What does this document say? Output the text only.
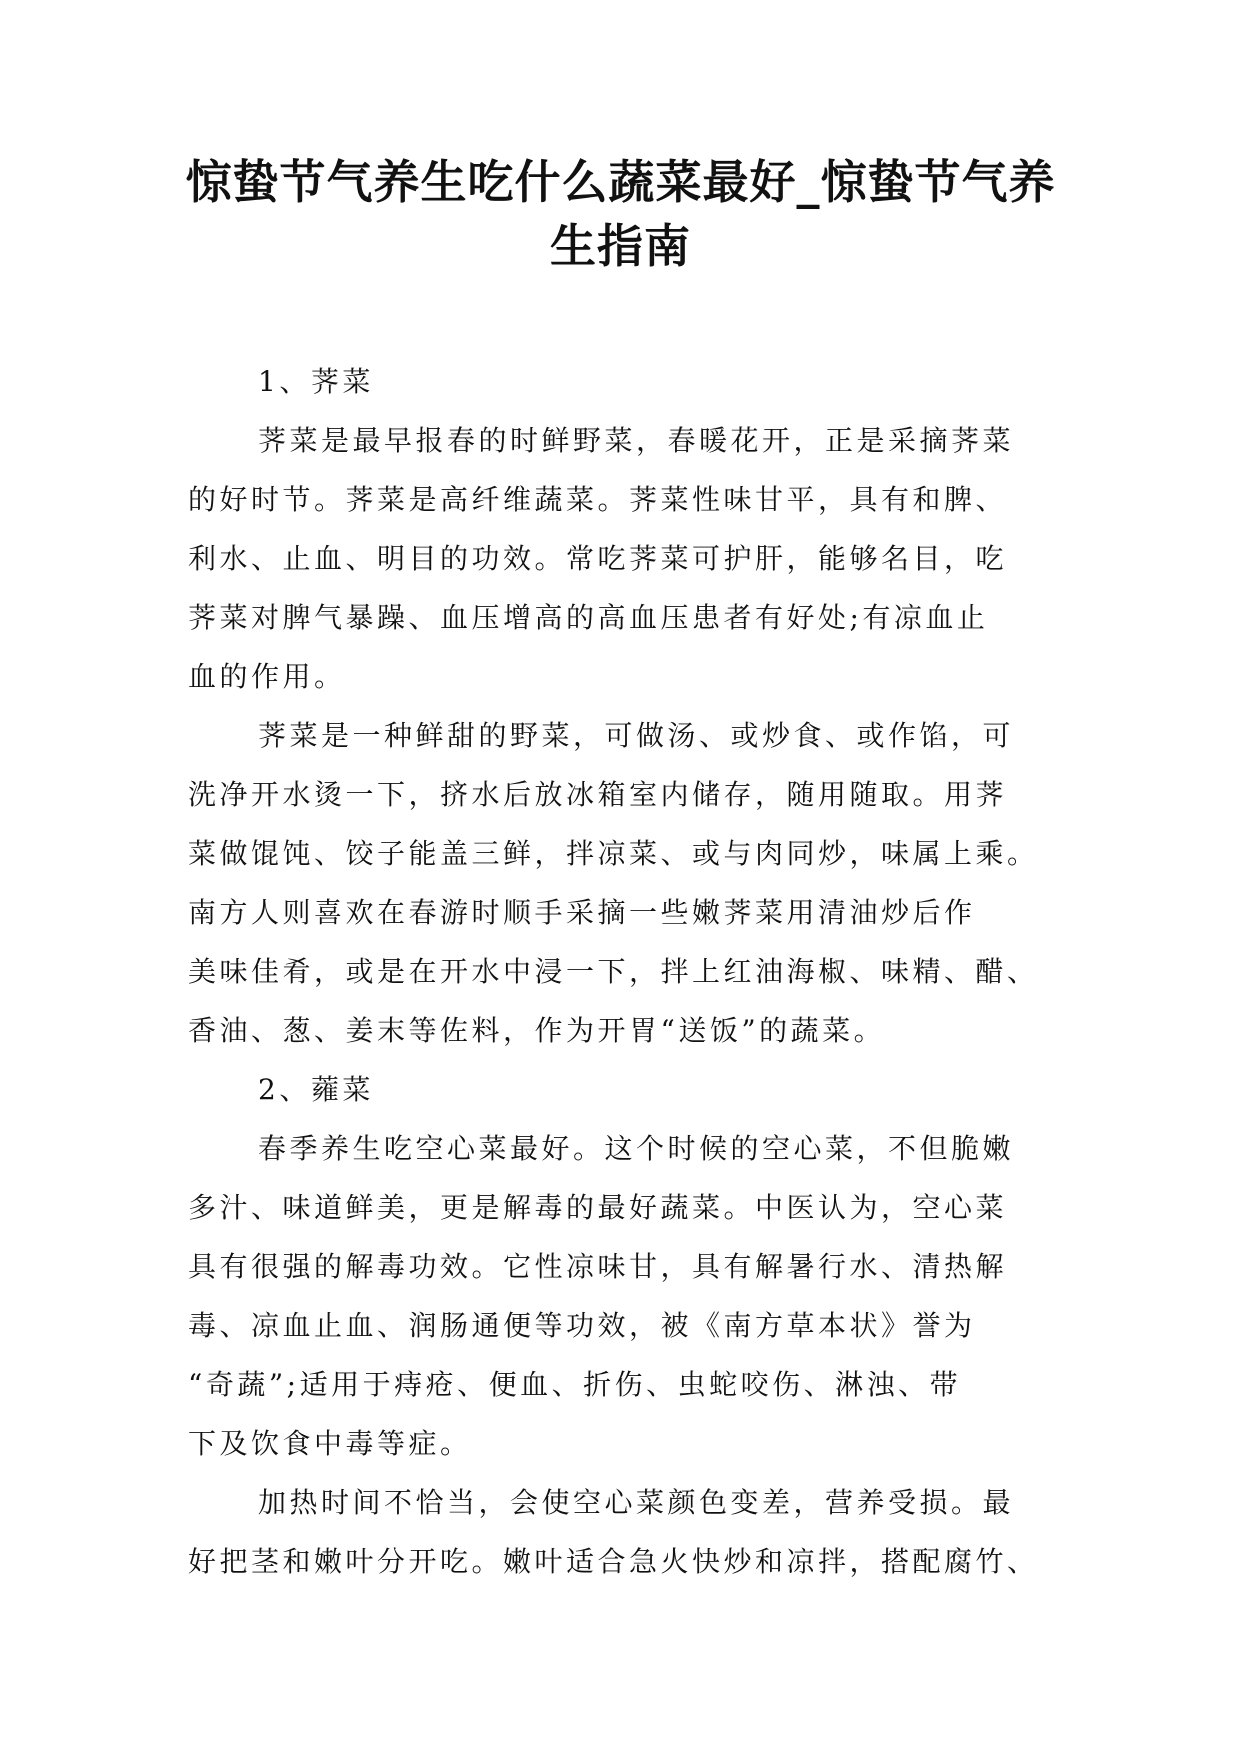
惊蛰节气养生吃什么蔬菜最好_惊蛰节气养
生指南
1、荠菜
荠菜是最早报春的时鲜野菜，春暖花开，正是采摘荠菜
的好时节。荠菜是高纤维蔬菜。荠菜性味甘平，具有和脾、
利水、止血、明目的功效。常吃荠菜可护肝，能够名目，吃
荠菜对脾气暴躁、血压增高的高血压患者有好处;有凉血止
血的作用。
荠菜是一种鲜甜的野菜，可做汤、或炒食、或作馅，可
洗净开水烫一下，挤水后放冰箱室内储存，随用随取。用荠
菜做馄饨、饺子能盖三鲜，拌凉菜、或与肉同炒，味属上乘。
南方人则喜欢在春游时顺手采摘一些嫩荠菜用清油炒后作
美味佳肴，或是在开水中浸一下，拌上红油海椒、味精、醋、
香油、葱、姜末等佐料，作为开胃“送饭”的蔬菜。
2、蕹菜
春季养生吃空心菜最好。这个时候的空心菜，不但脆嫩
多汁、味道鲜美，更是解毒的最好蔬菜。中医认为，空心菜
具有很强的解毒功效。它性凉味甘，具有解暑行水、清热解
毒、凉血止血、润肠通便等功效，被《南方草本状》誉为
“奇蔬”;适用于痔疮、便血、折伤、虫蛇咬伤、淋浊、带
下及饮食中毒等症。
加热时间不恰当，会使空心菜颜色变差，营养受损。最
好把茎和嫩叶分开吃。嫩叶适合急火快炒和凉拌，搭配腐竹、
